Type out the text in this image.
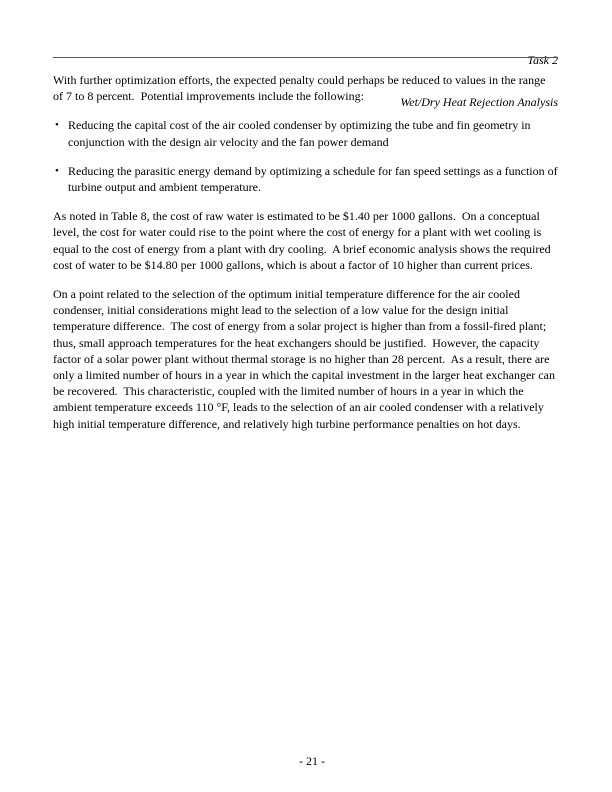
Task 2

Wet/Dry Heat Rejection Analysis

With further optimization efforts, the expected penalty could perhaps be reduced to values in the range of 7 to 8 percent.  Potential improvements include the following:

• Reducing the capital cost of the air cooled condenser by optimizing the tube and fin geometry in conjunction with the design air velocity and the fan power demand
• Reducing the parasitic energy demand by optimizing a schedule for fan speed settings as a function of turbine output and ambient temperature.

As noted in Table 8, the cost of raw water is estimated to be $1.40 per 1000 gallons.  On a conceptual level, the cost for water could rise to the point where the cost of energy for a plant with wet cooling is equal to the cost of energy from a plant with dry cooling.  A brief economic analysis shows the required cost of water to be $14.80 per 1000 gallons, which is about a factor of 10 higher than current prices.

On a point related to the selection of the optimum initial temperature difference for the air cooled condenser, initial considerations might lead to the selection of a low value for the design initial temperature difference.  The cost of energy from a solar project is higher than from a fossil-fired plant; thus, small approach temperatures for the heat exchangers should be justified.  However, the capacity factor of a solar power plant without thermal storage is no higher than 28 percent.  As a result, there are only a limited number of hours in a year in which the capital investment in the larger heat exchanger can be recovered.  This characteristic, coupled with the limited number of hours in a year in which the ambient temperature exceeds 110 °F, leads to the selection of an air cooled condenser with a relatively high initial temperature difference, and relatively high turbine performance penalties on hot days.

- 21 -
